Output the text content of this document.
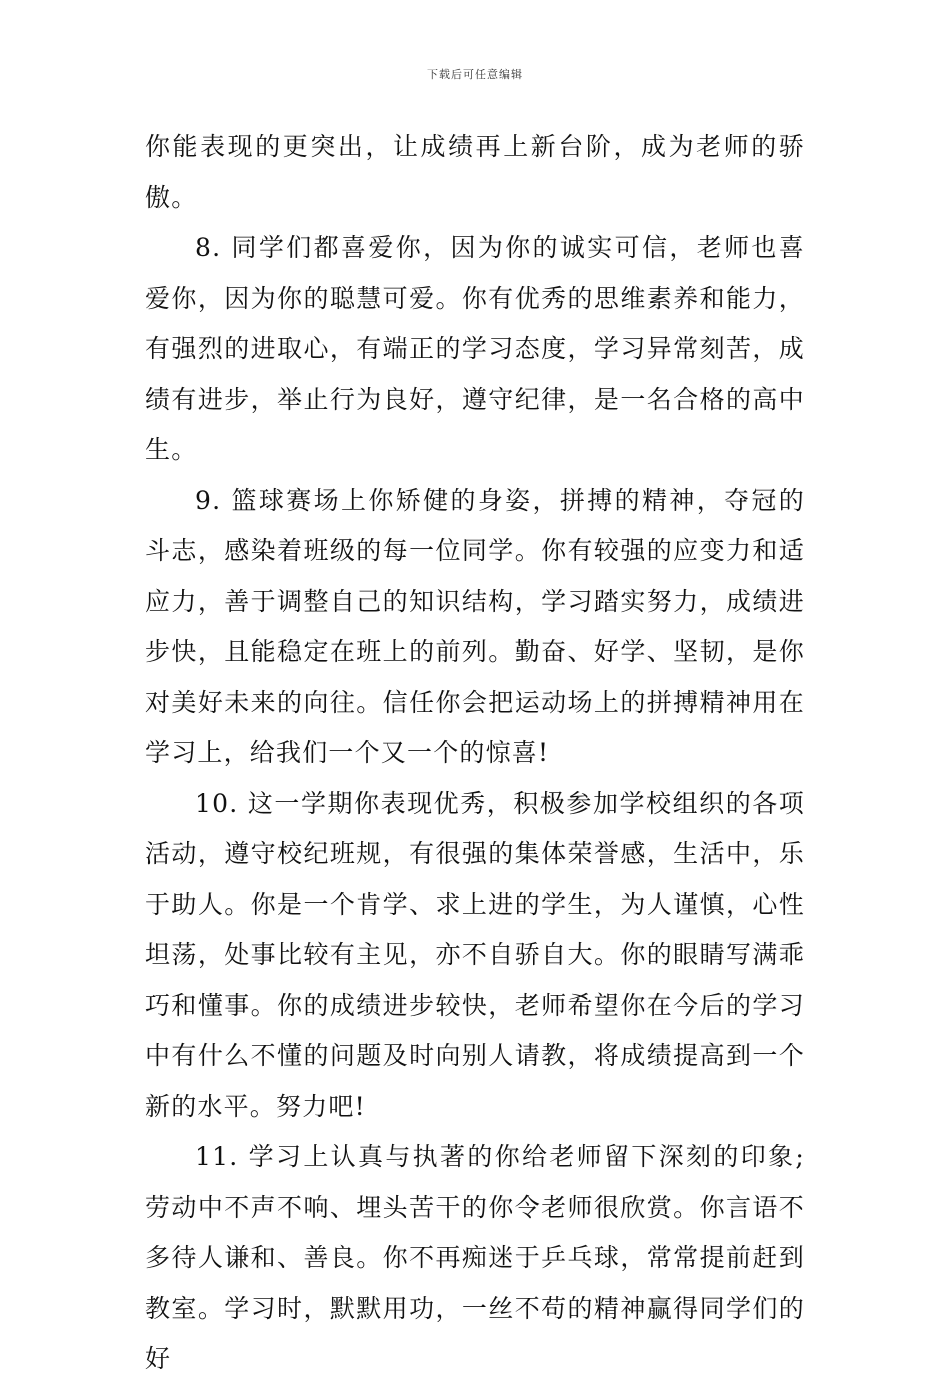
下载后可任意编辑

你能表现的更突出，让成绩再上新台阶，成为老师的骄傲。

8. 同学们都喜爱你，因为你的诚实可信，老师也喜爱你，因为你的聪慧可爱。你有优秀的思维素养和能力，有强烈的进取心，有端正的学习态度，学习异常刻苦，成绩有进步，举止行为良好，遵守纪律，是一名合格的高中生。

9. 篮球赛场上你矫健的身姿，拼搏的精神，夺冠的斗志，感染着班级的每一位同学。你有较强的应变力和适应力，善于调整自己的知识结构，学习踏实努力，成绩进步快，且能稳定在班上的前列。勤奋、好学、坚韧，是你对美好未来的向往。信任你会把运动场上的拼搏精神用在学习上，给我们一个又一个的惊喜!

10. 这一学期你表现优秀，积极参加学校组织的各项活动，遵守校纪班规，有很强的集体荣誉感，生活中，乐于助人。你是一个肯学、求上进的学生，为人谨慎，心性坦荡，处事比较有主见，亦不自骄自大。你的眼睛写满乖巧和懂事。你的成绩进步较快，老师希望你在今后的学习中有什么不懂的问题及时向别人请教，将成绩提高到一个新的水平。努力吧!

11. 学习上认真与执著的你给老师留下深刻的印象;劳动中不声不响、埋头苦干的你令老师很欣赏。你言语不多待人谦和、善良。你不再痴迷于乒乓球，常常提前赶到教室。学习时，默默用功，一丝不苟的精神赢得同学们的好
